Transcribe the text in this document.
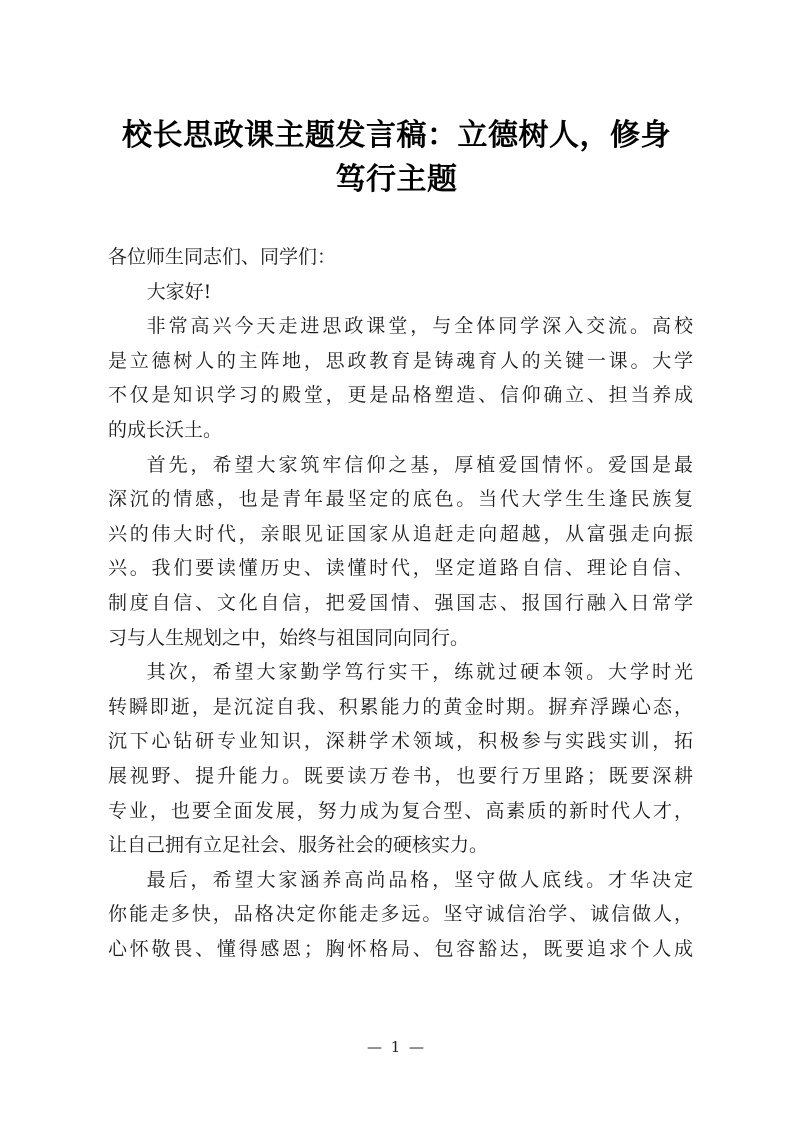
校长思政课主题发言稿：立德树人，修身
笃行主题
各位师生同志们、同学们：
大家好!
非常高兴今天走进思政课堂，与全体同学深入交流。高校
是立德树人的主阵地，思政教育是铸魂育人的关键一课。大学
不仅是知识学习的殿堂，更是品格塑造、信仰确立、担当养成
的成长沃土。
首先，希望大家筑牢信仰之基，厚植爱国情怀。爱国是最
深沉的情感，也是青年最坚定的底色。当代大学生生逢民族复
兴的伟大时代，亲眼见证国家从追赶走向超越，从富强走向振
兴。我们要读懂历史、读懂时代，坚定道路自信、理论自信、
制度自信、文化自信，把爱国情、强国志、报国行融入日常学
习与人生规划之中，始终与祖国同向同行。
其次，希望大家勤学笃行实干，练就过硬本领。大学时光
转瞬即逝，是沉淀自我、积累能力的黄金时期。摒弃浮躁心态，
沉下心钻研专业知识，深耕学术领域，积极参与实践实训，拓
展视野、提升能力。既要读万卷书，也要行万里路；既要深耕
专业，也要全面发展，努力成为复合型、高素质的新时代人才，
让自己拥有立足社会、服务社会的硬核实力。
最后，希望大家涵养高尚品格，坚守做人底线。才华决定
你能走多快，品格决定你能走多远。坚守诚信治学、诚信做人，
心怀敬畏、懂得感恩；胸怀格局、包容豁达，既要追求个人成
— 1 —
